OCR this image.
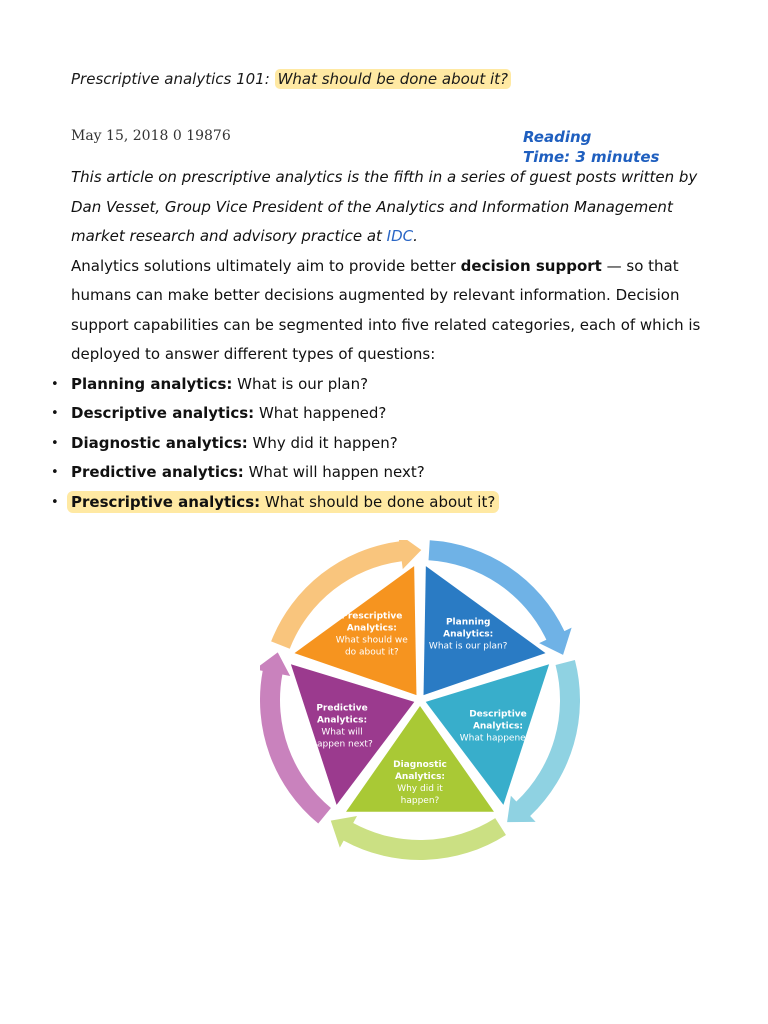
Prescriptive analytics 101: What should be done about it?
May 15, 2018 0 19876	Reading
Time: 3 minutes
This article on prescriptive analytics is the fifth in a series of guest posts written by Dan Vesset, Group Vice President of the Analytics and Information Management market research and advisory practice at IDC.
Analytics solutions ultimately aim to provide better decision support — so that humans can make better decisions augmented by relevant information. Decision support capabilities can be segmented into five related categories, each of which is deployed to answer different types of questions:
• Planning analytics: What is our plan?
• Descriptive analytics: What happened?
• Diagnostic analytics: Why did it happen?
• Predictive analytics: What will happen next?
• Prescriptive analytics: What should be done about it?
Planning
Analytics:
What is our plan?
Descriptive
Analytics:
What happened?
Diagnostic
Analytics:
Why did it
happen?
Predictive
Analytics:
What will
happen next?
Prescriptive
Analytics:
What should we
do about it?
